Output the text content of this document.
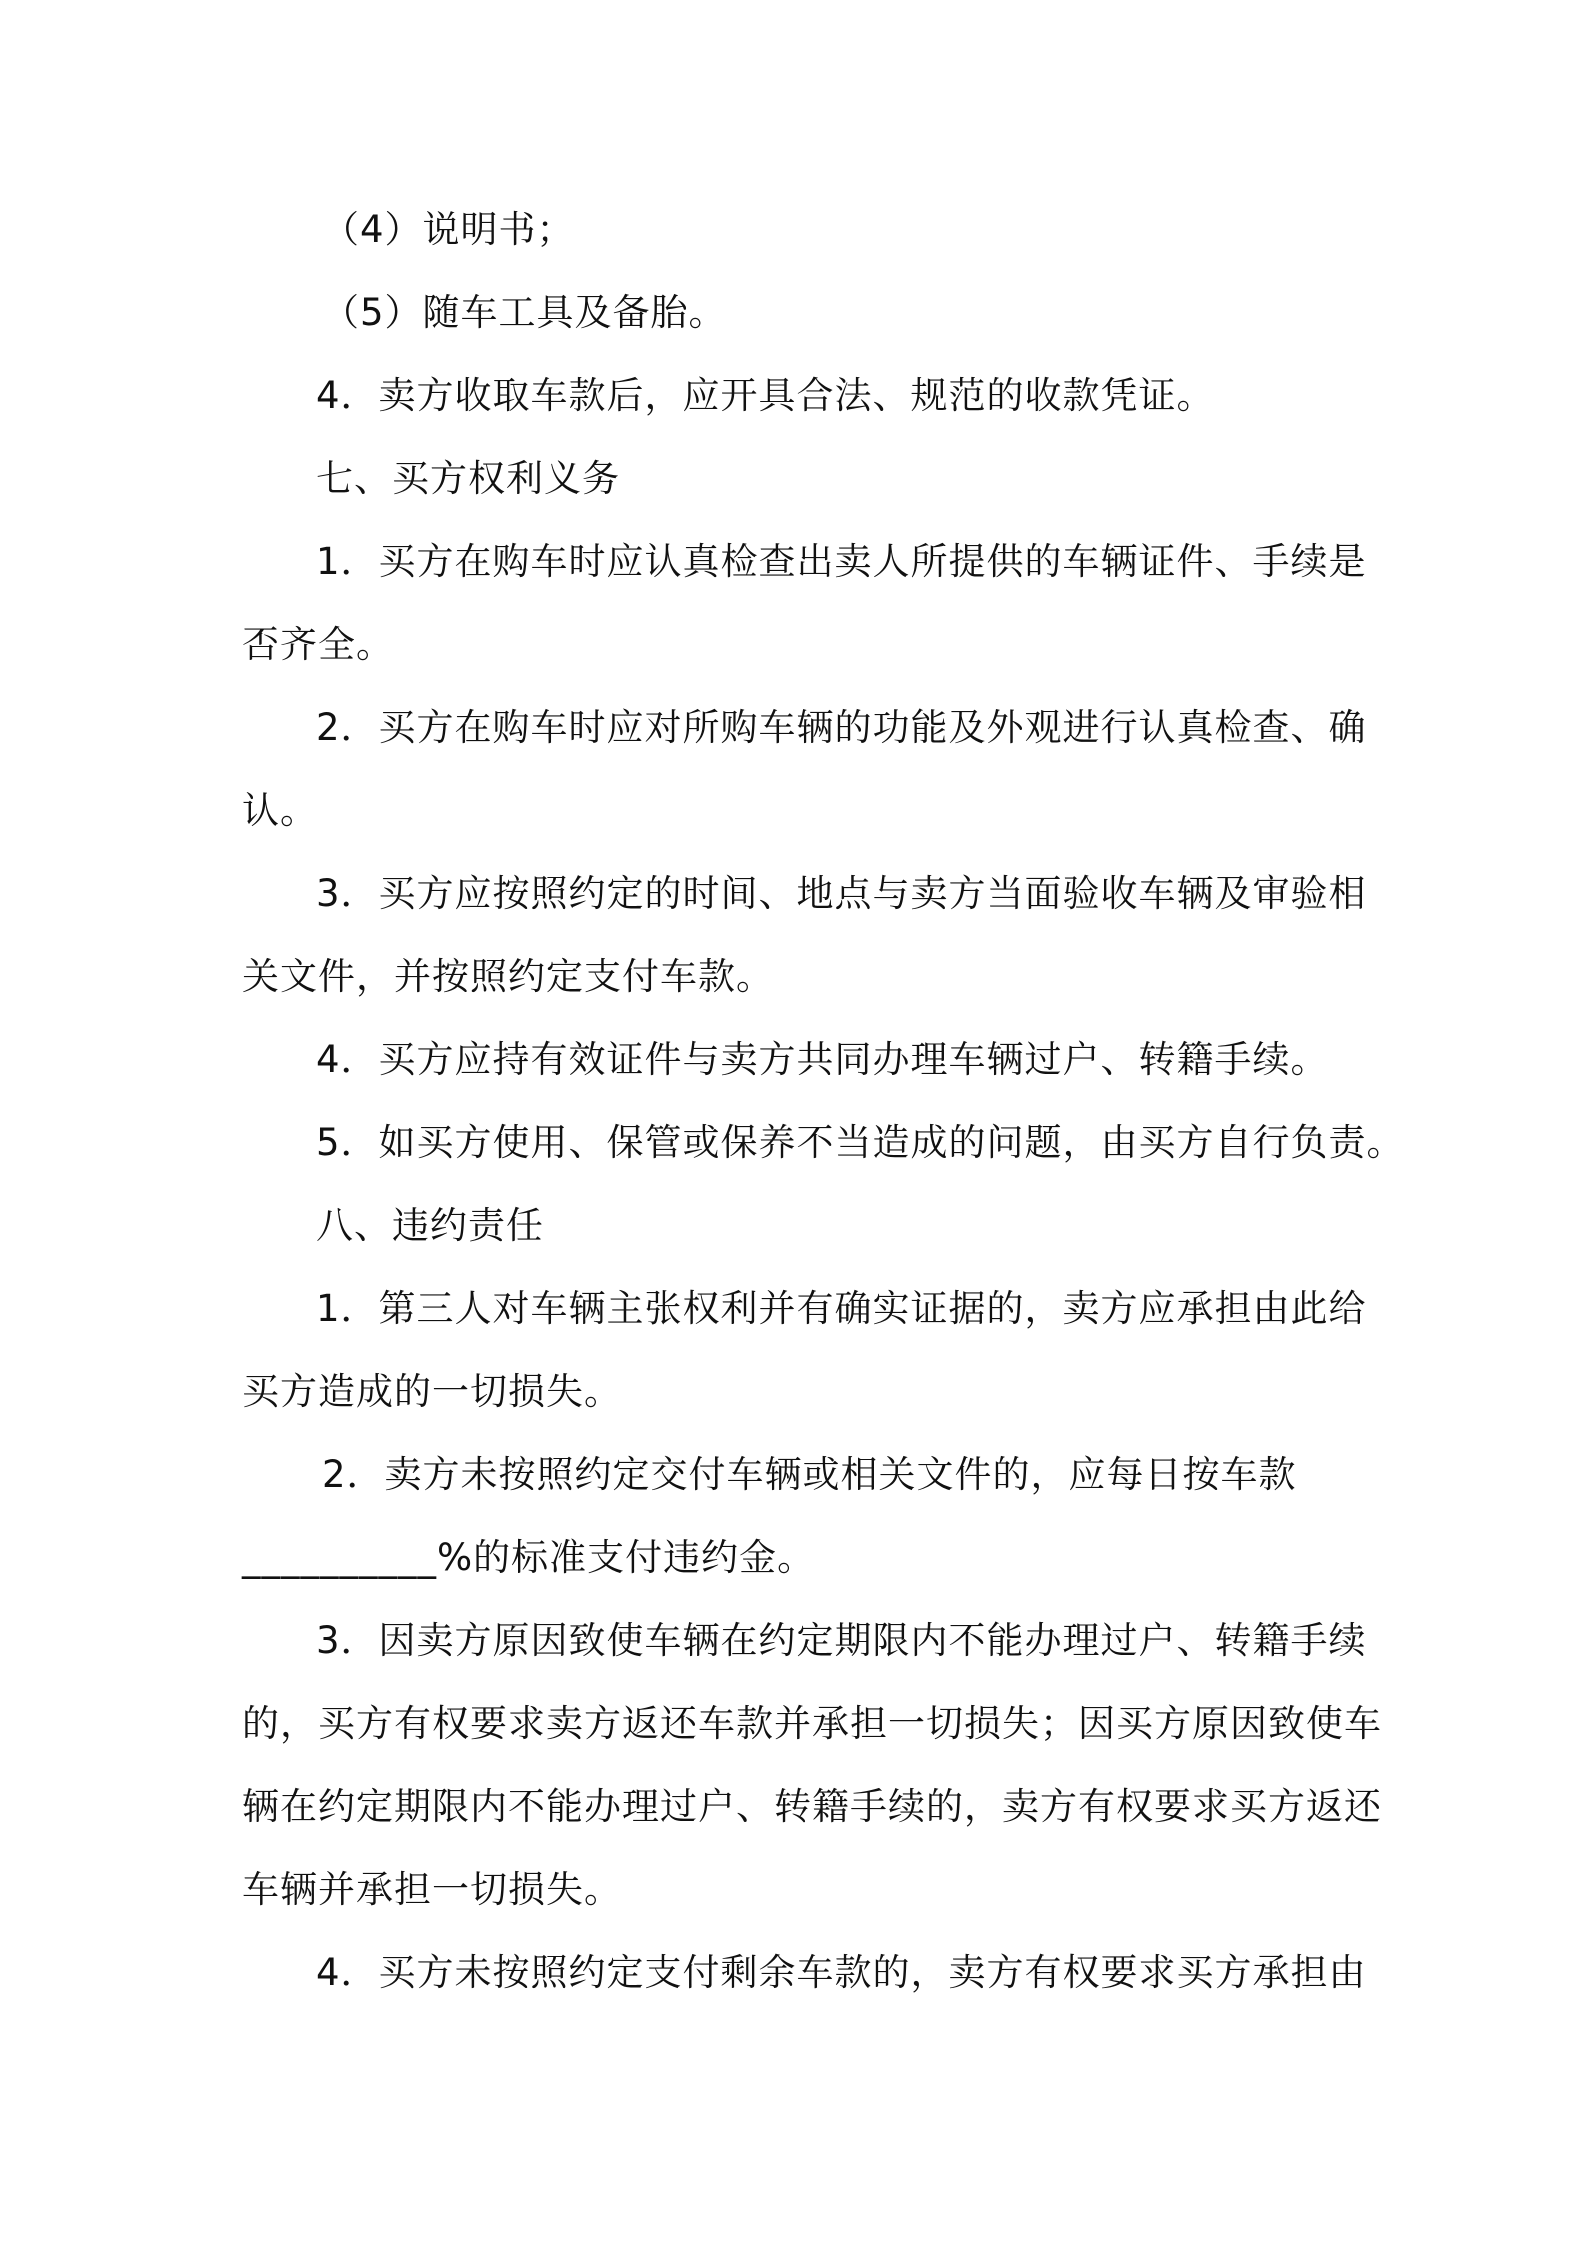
（4）说明书；
（5）随车工具及备胎。
4．卖方收取车款后，应开具合法、规范的收款凭证。
七、买方权利义务
1．买方在购车时应认真检查出卖人所提供的车辆证件、手续是
否齐全。
2．买方在购车时应对所购车辆的功能及外观进行认真检查、确
认。
3．买方应按照约定的时间、地点与卖方当面验收车辆及审验相
关文件，并按照约定支付车款。
4．买方应持有效证件与卖方共同办理车辆过户、转籍手续。
5．如买方使用、保管或保养不当造成的问题，由买方自行负责。
八、违约责任
1．第三人对车辆主张权利并有确实证据的，卖方应承担由此给
买方造成的一切损失。
2．卖方未按照约定交付车辆或相关文件的，应每日按车款
__________%的标准支付违约金。
3．因卖方原因致使车辆在约定期限内不能办理过户、转籍手续
的，买方有权要求卖方返还车款并承担一切损失；因买方原因致使车
辆在约定期限内不能办理过户、转籍手续的，卖方有权要求买方返还
车辆并承担一切损失。
4．买方未按照约定支付剩余车款的，卖方有权要求买方承担由
